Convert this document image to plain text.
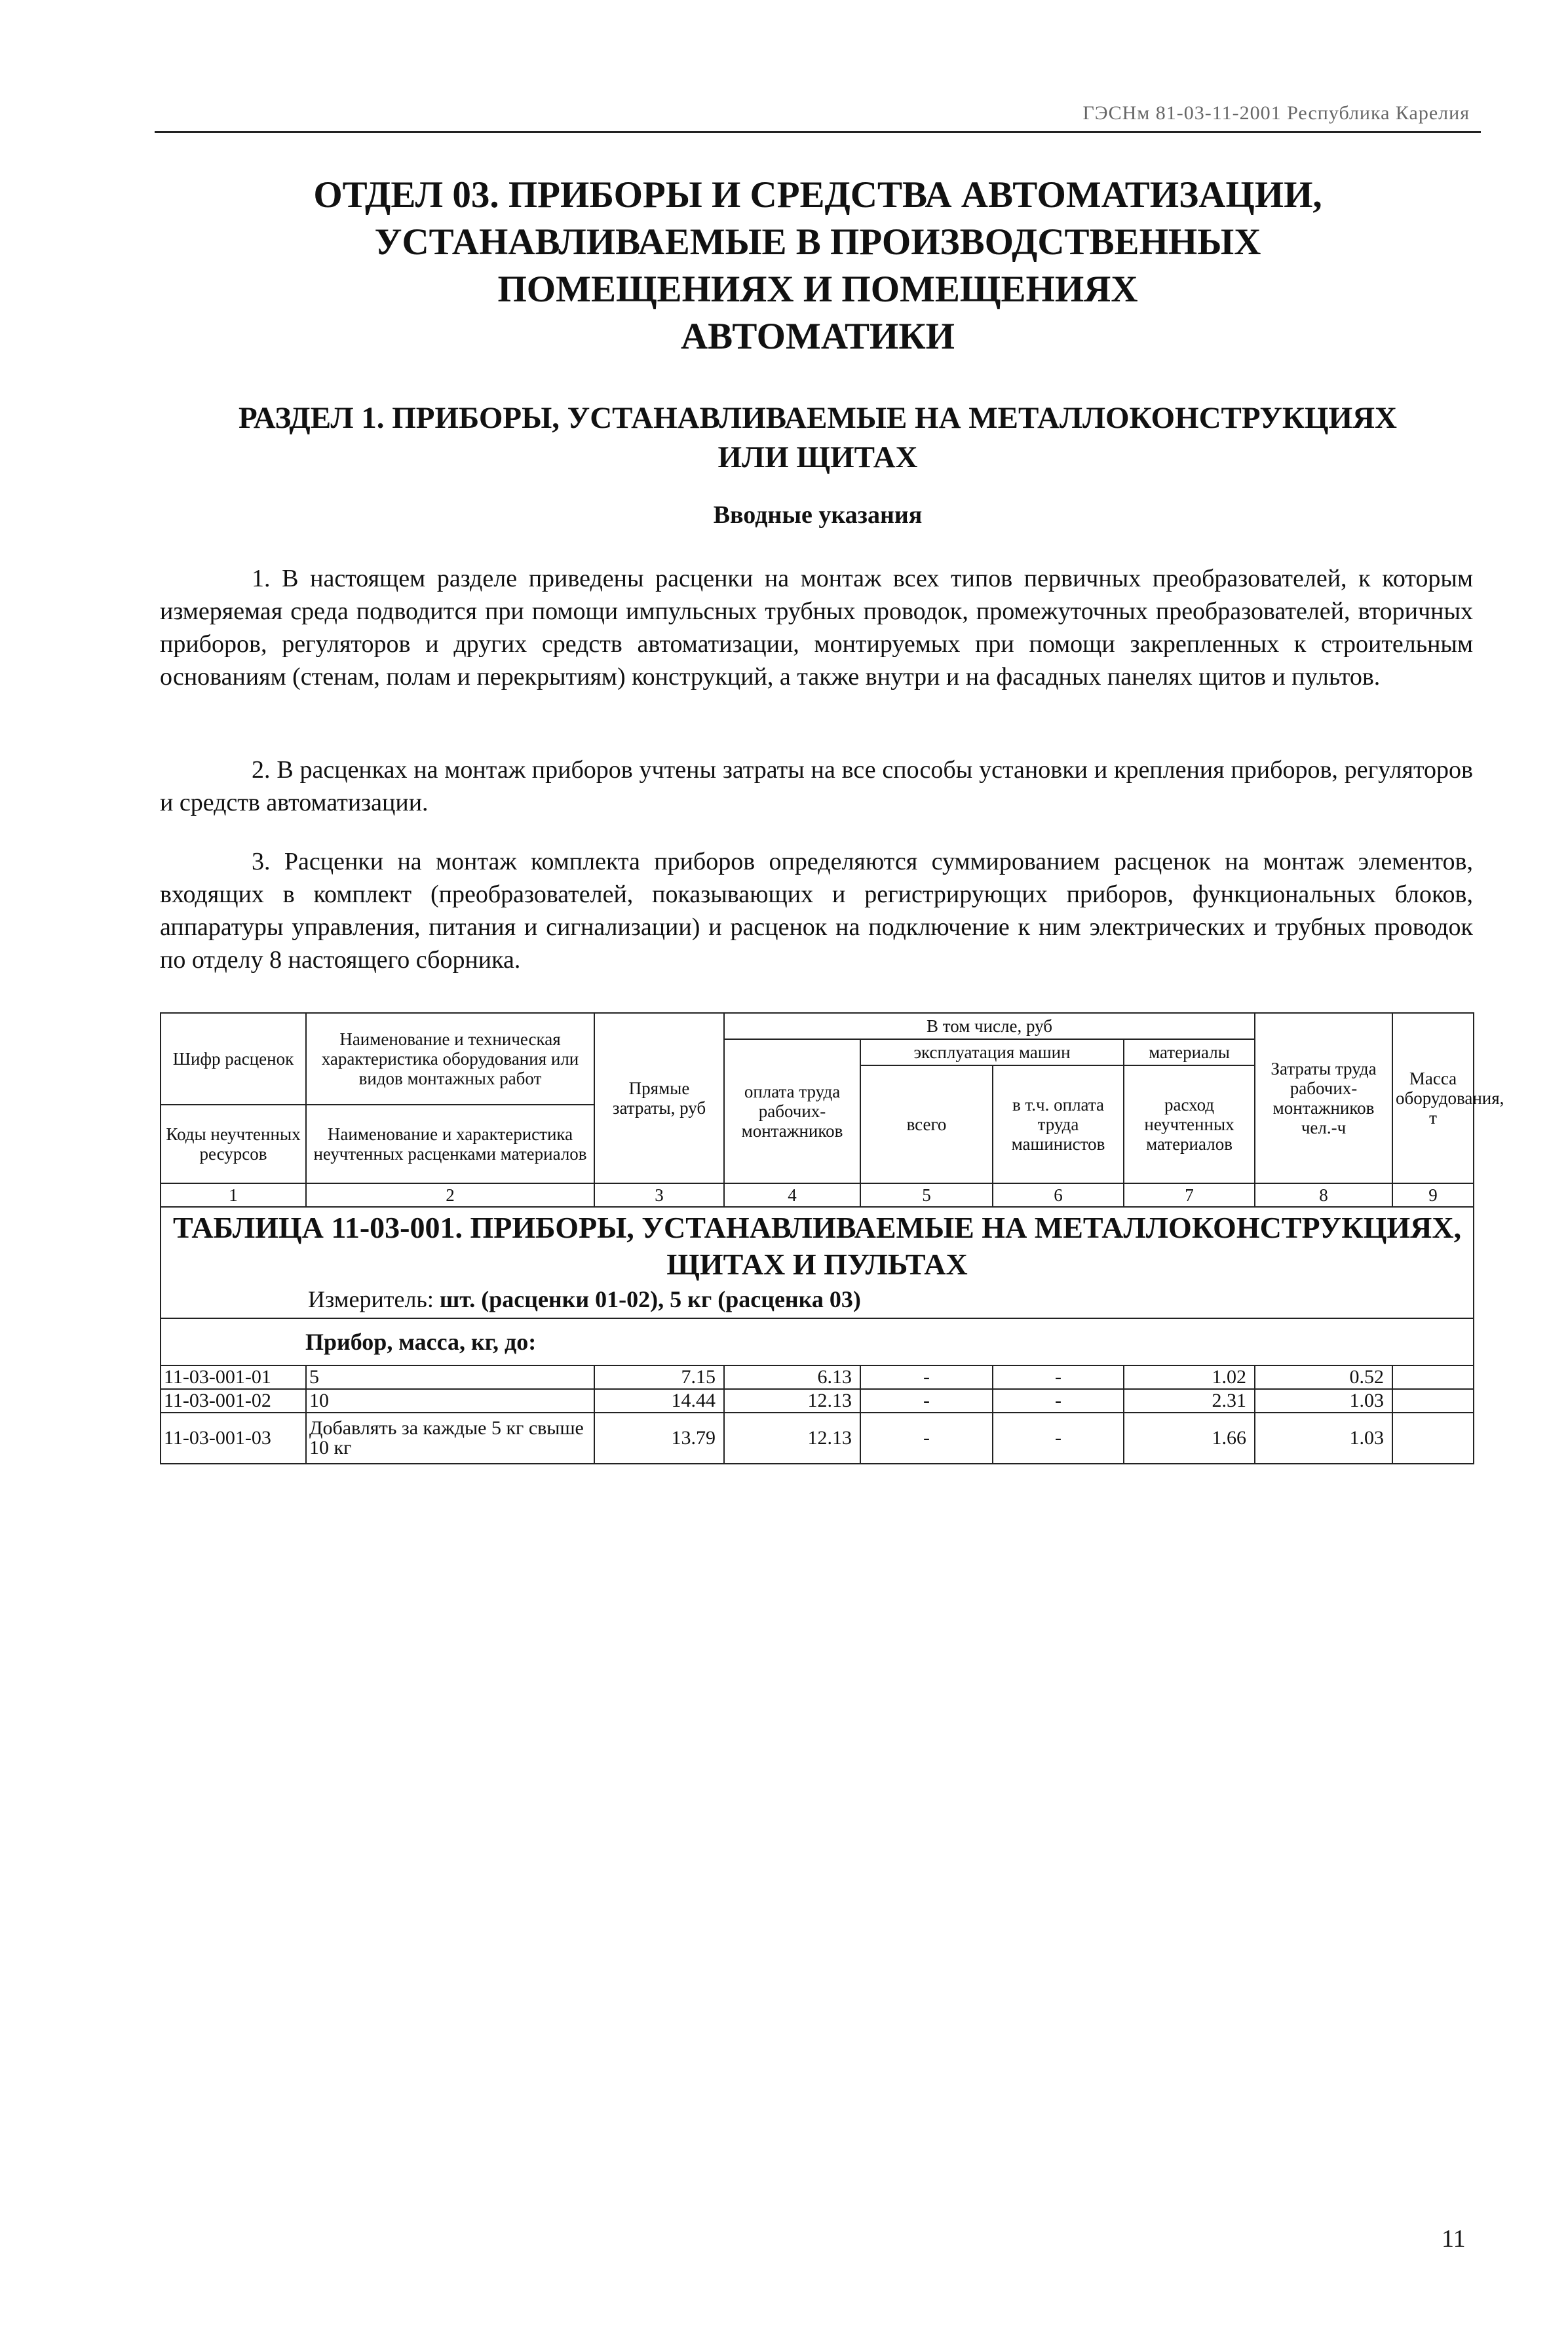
ГЭСНм 81-03-11-2001 Республика Карелия
ОТДЕЛ 03. ПРИБОРЫ И СРЕДСТВА АВТОМАТИЗАЦИИ,
УСТАНАВЛИВАЕМЫЕ В ПРОИЗВОДСТВЕННЫХ
ПОМЕЩЕНИЯХ И ПОМЕЩЕНИЯХ
АВТОМАТИКИ
РАЗДЕЛ 1. ПРИБОРЫ, УСТАНАВЛИВАЕМЫЕ НА МЕТАЛЛОКОНСТРУКЦИЯХ
ИЛИ ЩИТАХ
Вводные указания

1. В настоящем разделе приведены расценки на монтаж всех типов первичных преобразователей, к которым измеряемая среда подводится при помощи импульсных трубных проводок, промежуточных преобразователей, вторичных приборов, регуляторов и других средств автоматизации, монтируемых при помощи закрепленных к строительным основаниям (стенам, полам и перекрытиям) конструкций, а также внутри и на фасадных панелях щитов и пультов.

2. В расценках на монтаж приборов учтены затраты на все способы установки и крепления приборов, регуляторов и средств автоматизации.

3. Расценки на монтаж комплекта приборов определяются суммированием расценок на монтаж элементов, входящих в комплект (преобразователей, показывающих и регистрирующих приборов, функциональных блоков, аппаратуры управления, питания и сигнализации) и расценок на подключение к ним электрических и трубных проводок по отделу 8 настоящего сборника.

Шифр расценок	Наименование и техническая характеристика оборудования или видов монтажных работ	Прямые затраты, руб	В том числе, руб				Затраты труда рабочих-монтажников чел.-ч	Масса оборудования, т
			оплата труда рабочих-монтажников	эксплуатация машин		материалы		
				всего	в т.ч. оплата труда машинистов	расход неучтенных материалов		
Коды неучтенных ресурсов	Наименование и характеристика неучтенных расценками материалов							

1	2	3	4	5	6	7	8	9

ТАБЛИЦА 11-03-001. ПРИБОРЫ, УСТАНАВЛИВАЕМЫЕ НА МЕТАЛЛОКОНСТРУКЦИЯХ,
ЩИТАХ И ПУЛЬТАХ
Измеритель: шт. (расценки 01-02), 5 кг (расценка 03)								

Прибор, масса, кг, до:								
11-03-001-01	5	7.15	6.13	-	-	1.02	0.52	
11-03-001-02	10	14.44	12.13	-	-	2.31	1.03	
11-03-001-03	Добавлять за каждые 5 кг свыше 10 кг	13.79	12.13	-	-	1.66	1.03	
11
